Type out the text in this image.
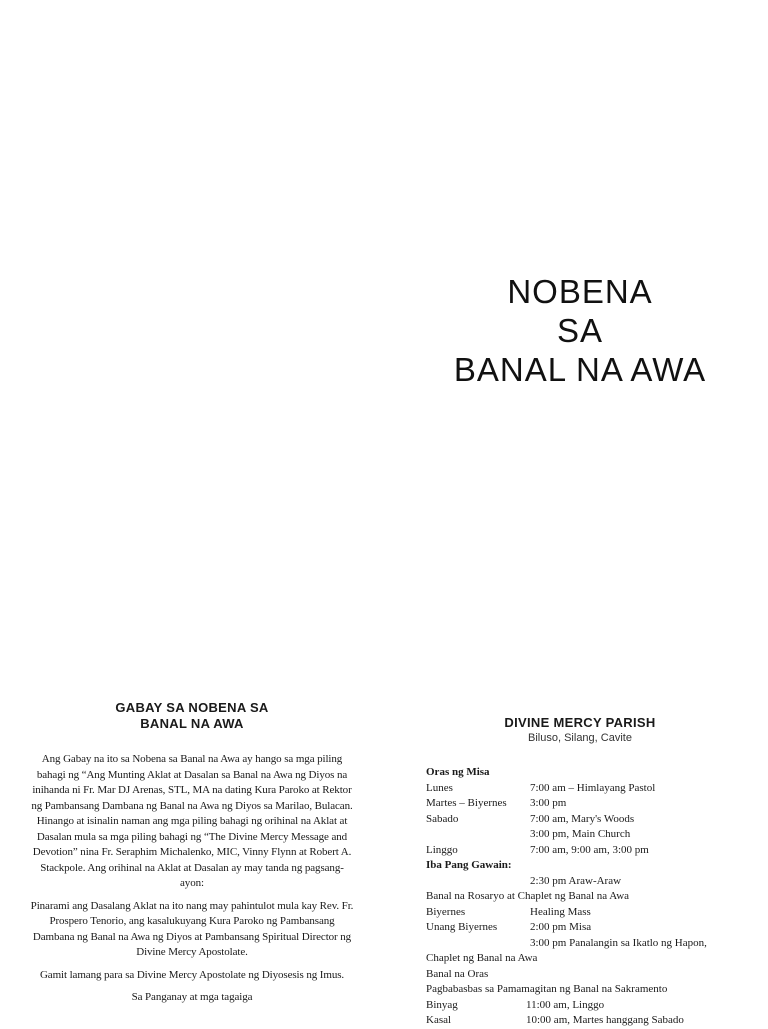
NOBENA
SA
BANAL NA AWA
GABAY SA NOBENA SA
BANAL NA AWA

Ang Gabay na ito sa Nobena sa Banal na Awa ay hango sa mga piling bahagi ng “Ang Munting Aklat at Dasalan sa Banal na Awa ng Diyos na inihanda ni Fr. Mar DJ Arenas, STL, MA na dating Kura Paroko at Rektor ng Pambansang Dambana ng Banal na Awa ng Diyos sa Marilao, Bulacan. Hinango at isinalin naman ang mga piling bahagi ng orihinal na Aklat at Dasalan mula sa mga piling bahagi ng “The Divine Mercy Message and Devotion” nina Fr. Seraphim Michalenko, MIC, Vinny Flynn at Robert A. Stackpole. Ang orihinal na Aklat at Dasalan ay may tanda ng pagsang-ayon:

Pinarami ang Dasalang Aklat na ito nang may pahintulot mula kay Rev. Fr. Prospero Tenorio, ang kasalukuyang Kura Paroko ng Pambansang Dambana ng Banal na Awa ng Diyos at Pambansang Spiritual Director ng Divine Mercy Apostolate.

Gamit lamang para sa Divine Mercy Apostolate ng Diyosesis ng Imus.

Sa Panganay at mga tagaiga

DIVINE MERCY PARISH
Biluso, Silang, Cavite
Oras ng Misa
Lunes	7:00 am – Himlayang Pastol
Martes – Biyernes	3:00 pm
Sabado	7:00 am, Mary's Woods
3:00 pm, Main Church
Linggo	7:00 am, 9:00 am, 3:00 pm
Iba Pang Gawain:
2:30 pm Araw-Araw
Banal na Rosaryo at Chaplet ng Banal na Awa
Biyernes	Healing Mass
Unang Biyernes	2:00 pm Misa
3:00 pm Panalangin sa Ikatlo ng Hapon,
Chaplet ng Banal na Awa
Banal na Oras
Pagbabasbas sa Pamamagitan ng Banal na Sakramento
Binyag	11:00 am, Linggo
Kasal	10:00 am, Martes hanggang Sabado
